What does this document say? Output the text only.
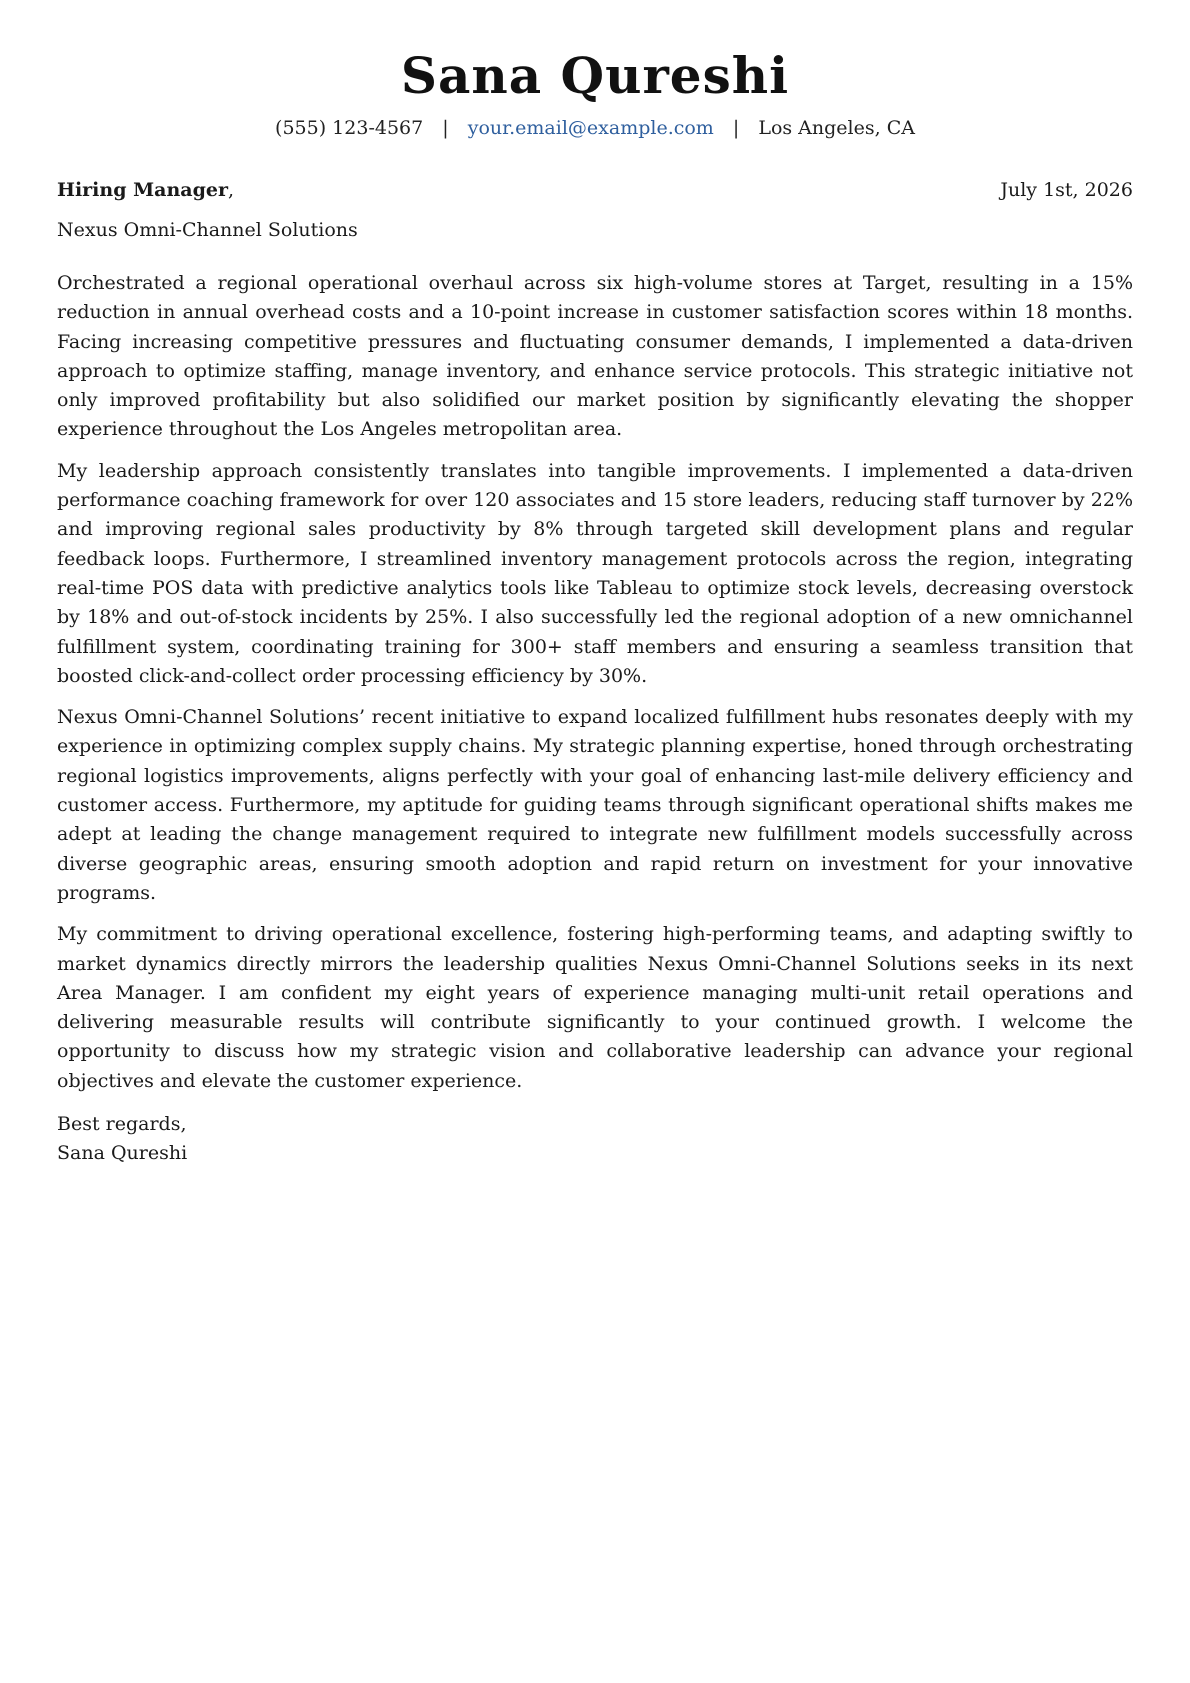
Sana Qureshi
(555) 123-4567 | your.email@example.com | Los Angeles, CA
Hiring Manager,	July 1st, 2026
Nexus Omni-Channel Solutions

Orchestrated a regional operational overhaul across six high-volume stores at Target, resulting in a 15% reduction in annual overhead costs and a 10-point increase in customer satisfaction scores within 18 months. Facing increasing competitive pressures and fluctuating consumer demands, I implemented a data-driven approach to optimize staffing, manage inventory, and enhance service protocols. This strategic initiative not only improved profitability but also solidified our market position by significantly elevating the shopper experience throughout the Los Angeles metropolitan area.

My leadership approach consistently translates into tangible improvements. I implemented a data-driven performance coaching framework for over 120 associates and 15 store leaders, reducing staff turnover by 22% and improving regional sales productivity by 8% through targeted skill development plans and regular feedback loops. Furthermore, I streamlined inventory management protocols across the region, integrating real-time POS data with predictive analytics tools like Tableau to optimize stock levels, decreasing overstock by 18% and out-of-stock incidents by 25%. I also successfully led the regional adoption of a new omnichannel fulfillment system, coordinating training for 300+ staff members and ensuring a seamless transition that boosted click-and-collect order processing efficiency by 30%.

Nexus Omni-Channel Solutions’ recent initiative to expand localized fulfillment hubs resonates deeply with my experience in optimizing complex supply chains. My strategic planning expertise, honed through orchestrating regional logistics improvements, aligns perfectly with your goal of enhancing last-mile delivery efficiency and customer access. Furthermore, my aptitude for guiding teams through significant operational shifts makes me adept at leading the change management required to integrate new fulfillment models successfully across diverse geographic areas, ensuring smooth adoption and rapid return on investment for your innovative programs.

My commitment to driving operational excellence, fostering high-performing teams, and adapting swiftly to market dynamics directly mirrors the leadership qualities Nexus Omni-Channel Solutions seeks in its next Area Manager. I am confident my eight years of experience managing multi-unit retail operations and delivering measurable results will contribute significantly to your continued growth. I welcome the opportunity to discuss how my strategic vision and collaborative leadership can advance your regional objectives and elevate the customer experience.

Best regards,
Sana Qureshi
